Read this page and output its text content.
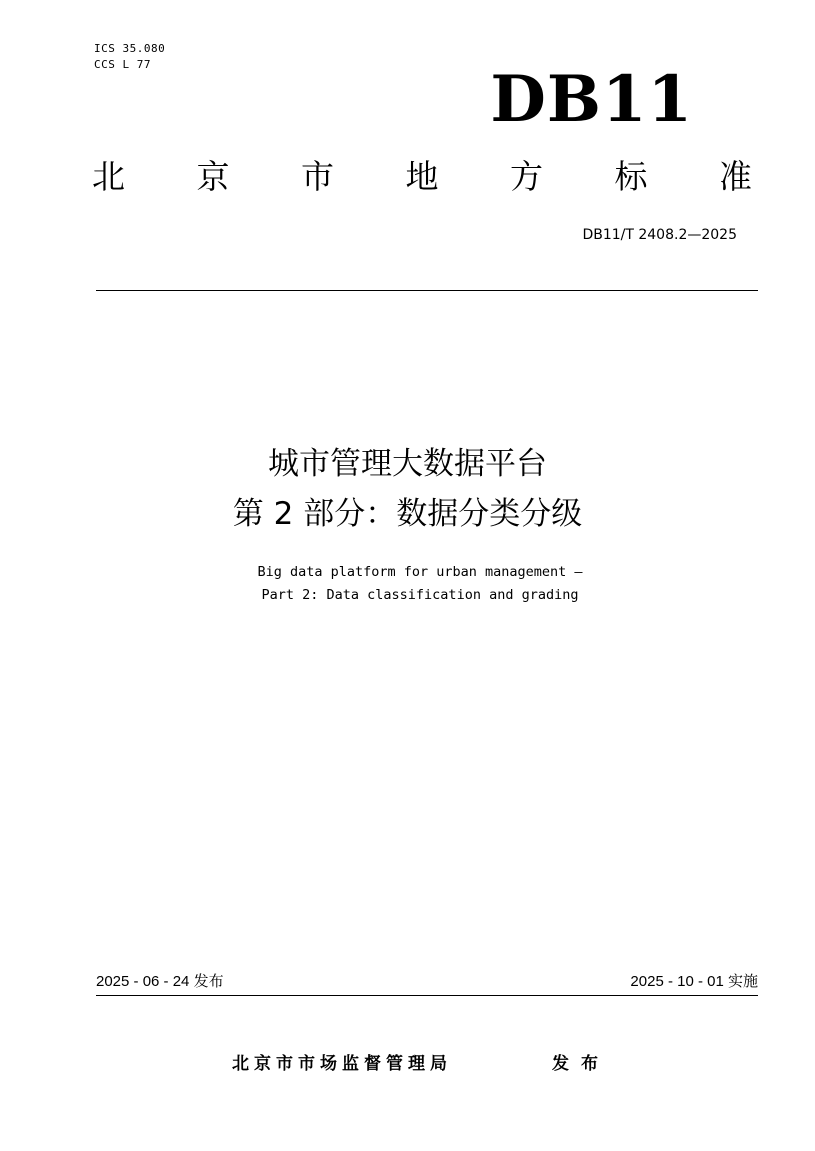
ICS 35.080
CCS L 77	DB11
北 京 市 地 方 标 准
DB11/T 2408.2—2025
城市管理大数据平台
第 2 部分：数据分类分级
Big data platform for urban management —
Part 2: Data classification and grading
2025 - 06 - 24 发布	2025 - 10 - 01 实施
北京市市场监督管理局	发布
